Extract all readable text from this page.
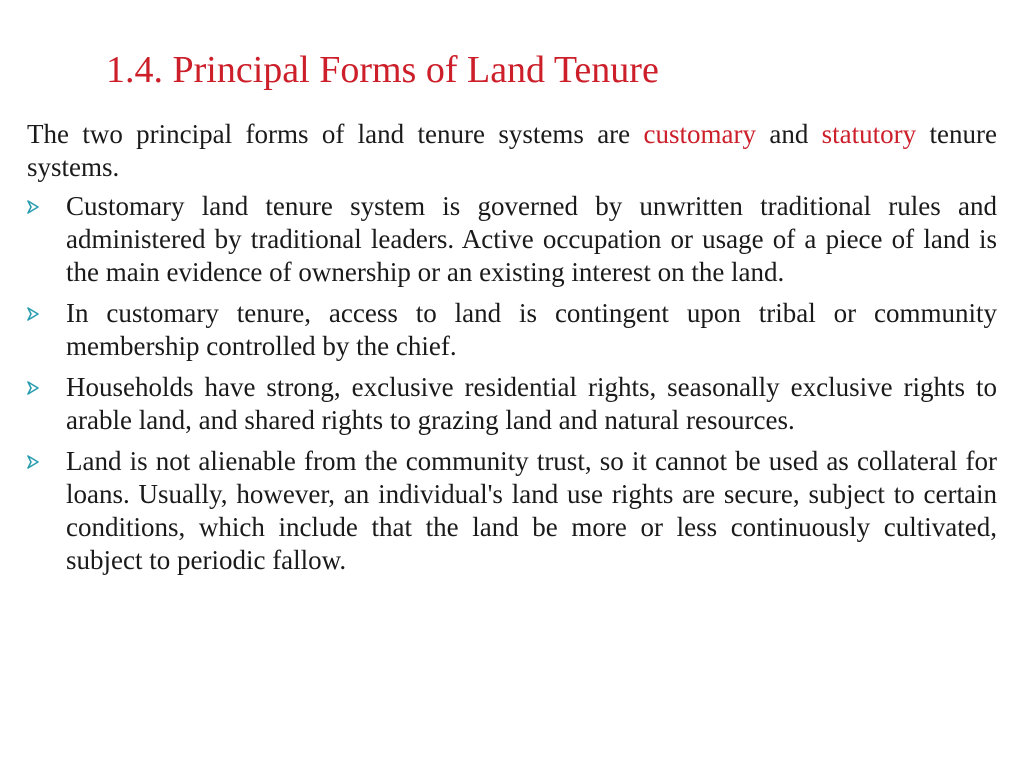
1.4. Principal Forms of Land Tenure

The two principal forms of land tenure systems are customary and statutory tenure systems.

Customary land tenure system is governed by unwritten traditional rules and administered by traditional leaders. Active occupation or usage of a piece of land is the main evidence of ownership or an existing interest on the land.
In customary tenure, access to land is contingent upon tribal or community membership controlled by the chief.
Households have strong, exclusive residential rights, seasonally exclusive rights to arable land, and shared rights to grazing land and natural resources.
Land is not alienable from the community trust, so it cannot be used as collateral for loans. Usually, however, an individual's land use rights are secure, subject to certain conditions, which include that the land be more or less continuously cultivated, subject to periodic fallow.
